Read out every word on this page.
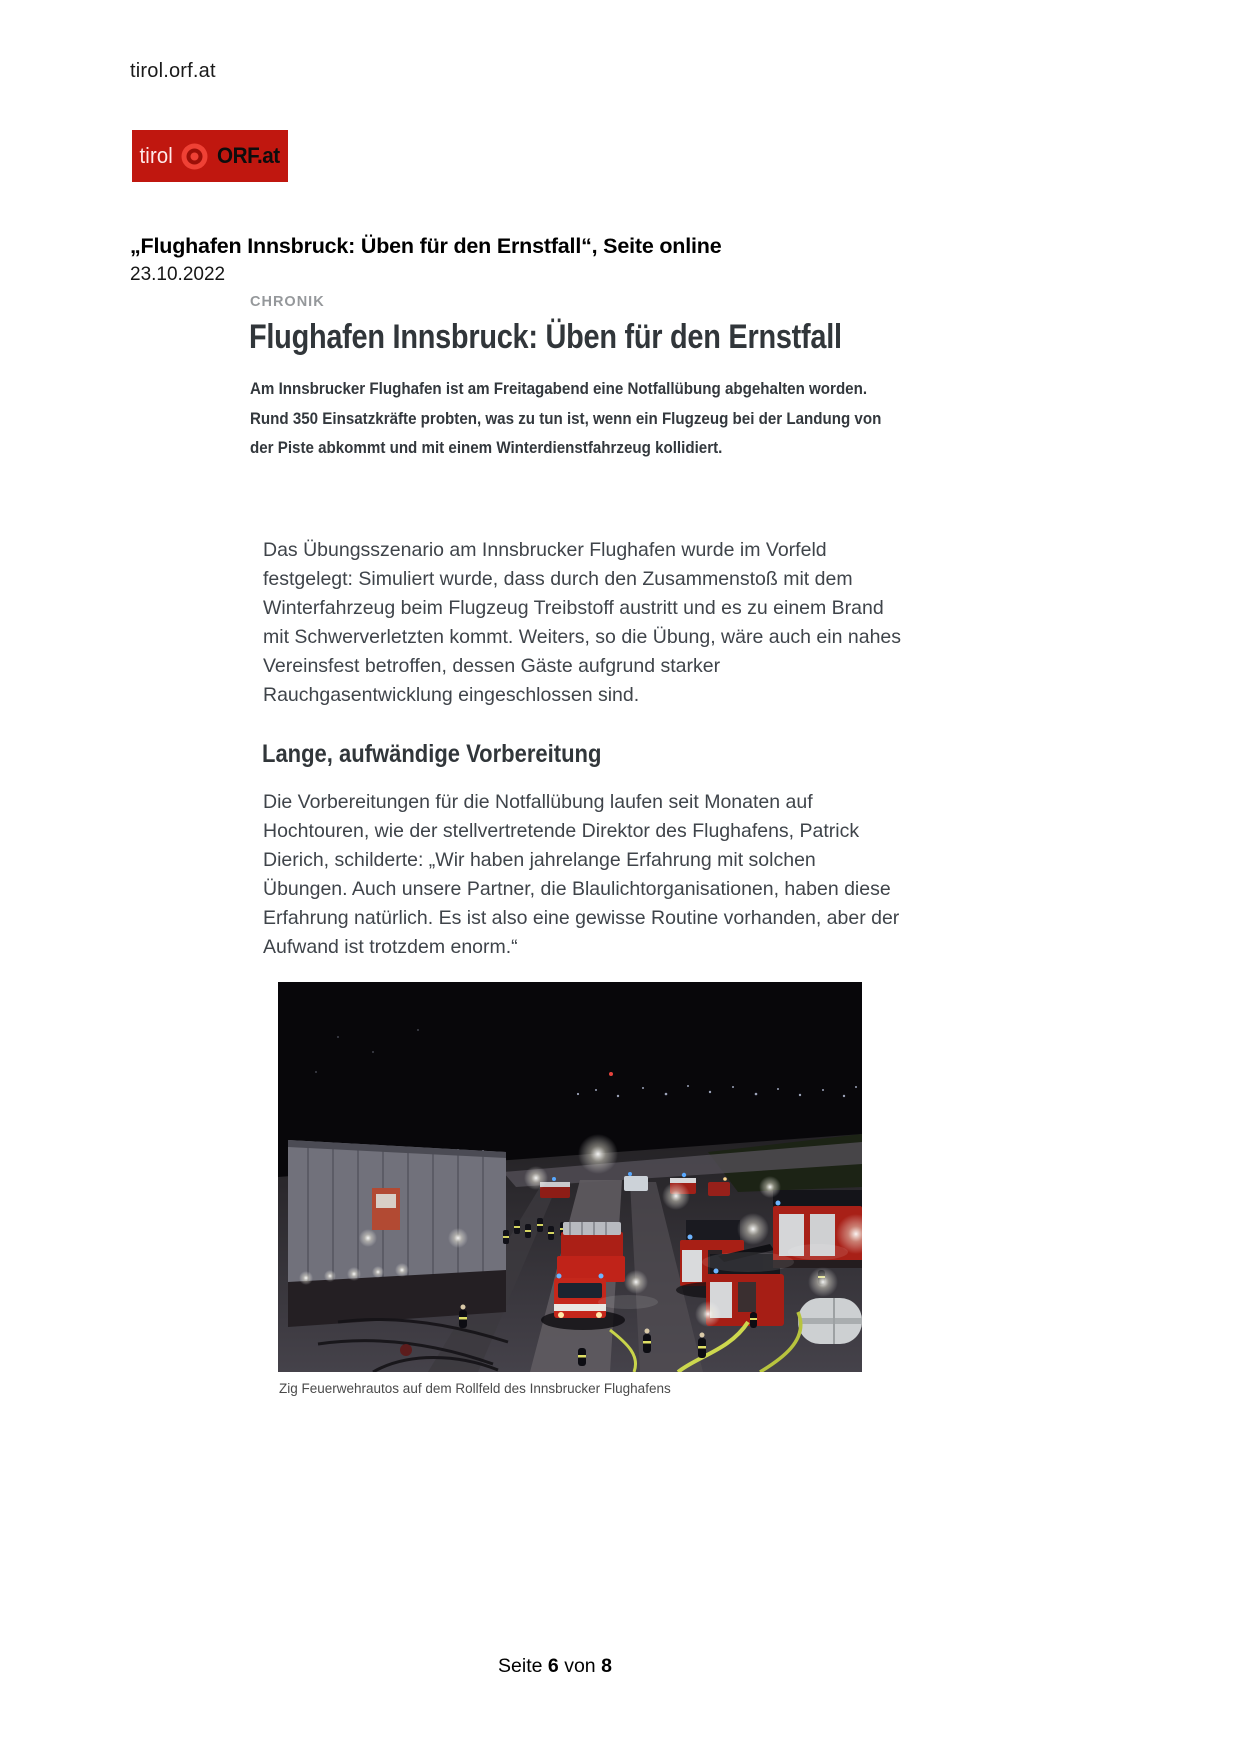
tirol.orf.at
tirol ORF.at
„Flughafen Innsbruck: Üben für den Ernstfall“, Seite online
23.10.2022
CHRONIK
Flughafen Innsbruck: Üben für den Ernstfall
Am Innsbrucker Flughafen ist am Freitagabend eine Notfallübung abgehalten worden. Rund 350 Einsatzkräfte probten, was zu tun ist, wenn ein Flugzeug bei der Landung von der Piste abkommt und mit einem Winterdienstfahrzeug kollidiert.
Das Übungsszenario am Innsbrucker Flughafen wurde im Vorfeld festgelegt: Simuliert wurde, dass durch den Zusammenstoß mit dem Winterfahrzeug beim Flugzeug Treibstoff austritt und es zu einem Brand mit Schwerverletzten kommt. Weiters, so die Übung, wäre auch ein nahes Vereinsfest betroffen, dessen Gäste aufgrund starker Rauchgasentwicklung eingeschlossen sind.
Lange, aufwändige Vorbereitung
Die Vorbereitungen für die Notfallübung laufen seit Monaten auf Hochtouren, wie der stellvertretende Direktor des Flughafens, Patrick Dierich, schilderte: „Wir haben jahrelange Erfahrung mit solchen Übungen. Auch unsere Partner, die Blaulichtorganisationen, haben diese Erfahrung natürlich. Es ist also eine gewisse Routine vorhanden, aber der Aufwand ist trotzdem enorm.“
Zig Feuerwehrautos auf dem Rollfeld des Innsbrucker Flughafens
Seite 6 von 8
